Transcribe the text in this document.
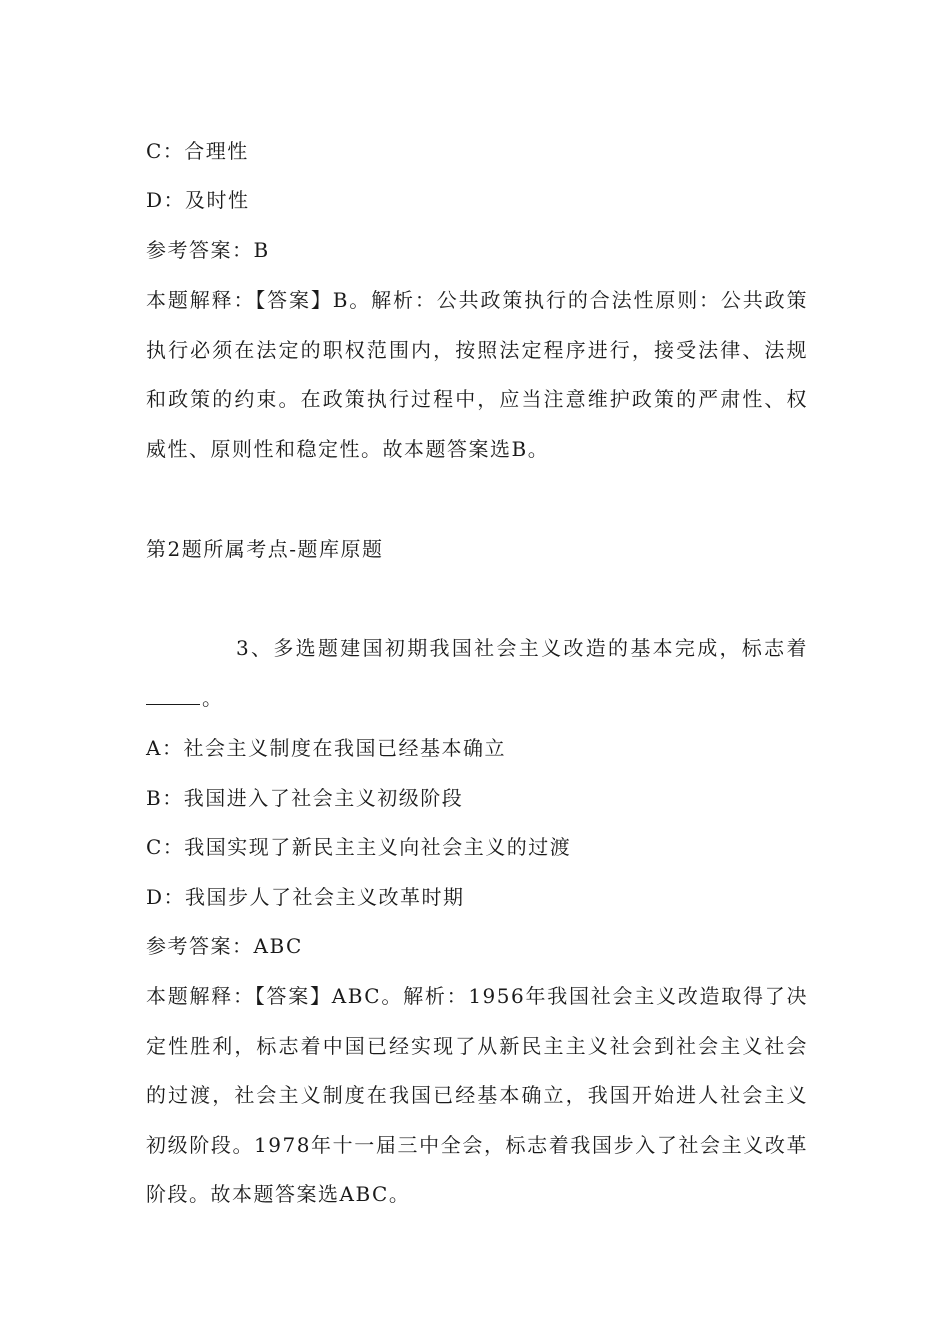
C：合理性
D：及时性
参考答案：B

本题解释：【答案】B。解析：公共政策执行的合法性原则：公共政策执行必须在法定的职权范围内，按照法定程序进行，接受法律、法规和政策的约束。在政策执行过程中，应当注意维护政策的严肃性、权威性、原则性和稳定性。故本题答案选B。

第2题所属考点-题库原题

3、多选题建国初期我国社会主义改造的基本完成，标志着。

A：社会主义制度在我国已经基本确立
B：我国进入了社会主义初级阶段
C：我国实现了新民主主义向社会主义的过渡
D：我国步人了社会主义改革时期
参考答案：ABC

本题解释：【答案】ABC。解析：1956年我国社会主义改造取得了决定性胜利，标志着中国已经实现了从新民主主义社会到社会主义社会的过渡，社会主义制度在我国已经基本确立，我国开始进人社会主义初级阶段。1978年十一届三中全会，标志着我国步入了社会主义改革阶段。故本题答案选ABC。
